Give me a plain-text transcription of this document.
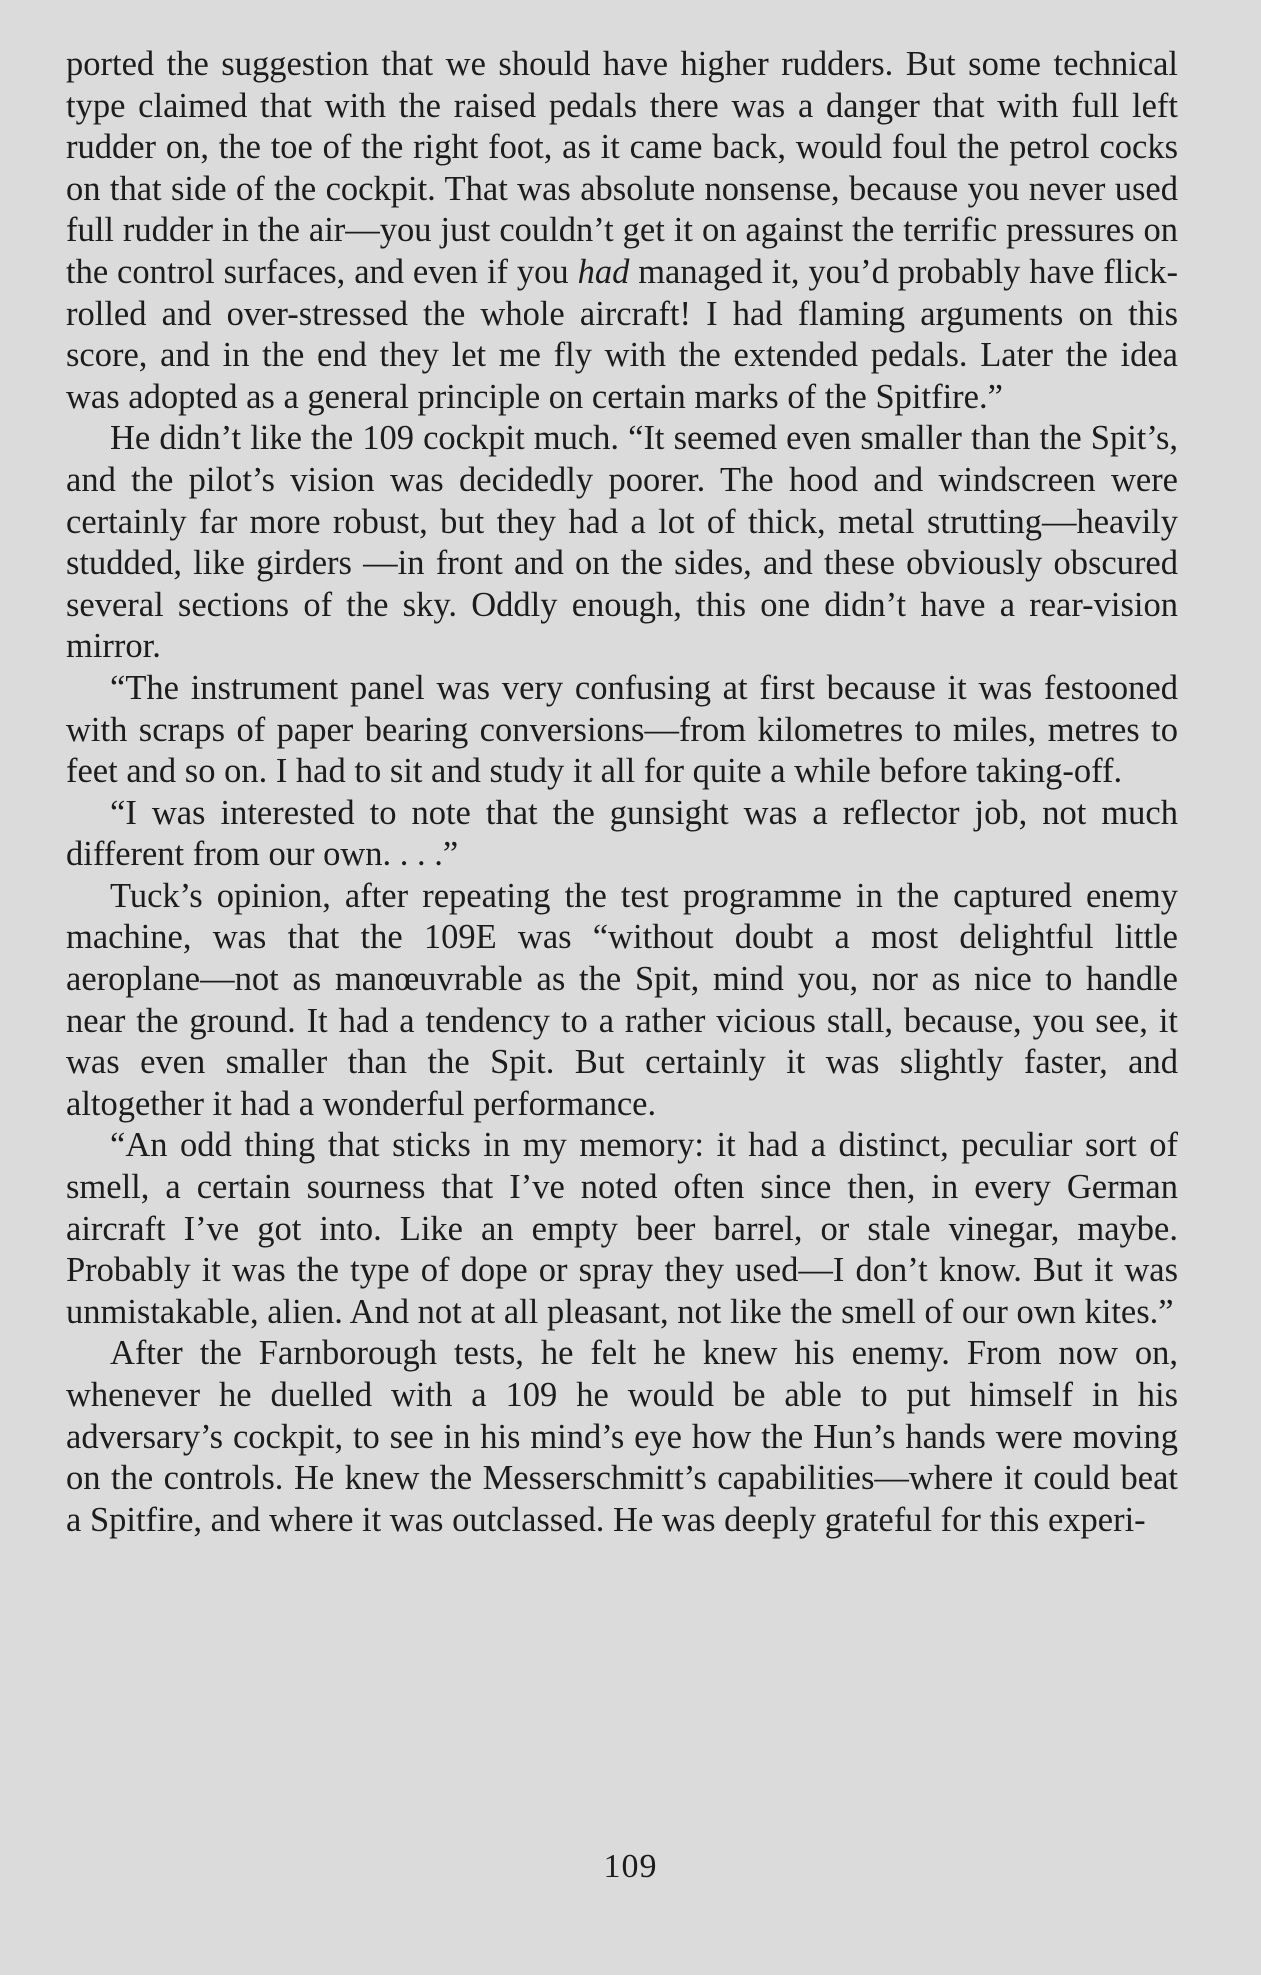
ported the suggestion that we should have higher rudders. But some technical type claimed that with the raised pedals there was a danger that with full left rudder on, the toe of the right foot, as it came back, would foul the petrol cocks on that side of the cockpit. That was absolute nonsense, because you never used full rudder in the air—you just couldn’t get it on against the terrific pressures on the control surfaces, and even if you had managed it, you’d probably have flick-rolled and over-stressed the whole aircraft! I had flaming arguments on this score, and in the end they let me fly with the extended pedals. Later the idea was adopted as a general principle on certain marks of the Spitfire.”

He didn’t like the 109 cockpit much. “It seemed even smaller than the Spit’s, and the pilot’s vision was decidedly poorer. The hood and windscreen were certainly far more robust, but they had a lot of thick, metal strutting—heavily studded, like girders —in front and on the sides, and these obviously obscured several sections of the sky. Oddly enough, this one didn’t have a rear-vision mirror.

“The instrument panel was very confusing at first because it was festooned with scraps of paper bearing conversions—from kilometres to miles, metres to feet and so on. I had to sit and study it all for quite a while before taking-off.

“I was interested to note that the gunsight was a reflector job, not much different from our own. . . .”

Tuck’s opinion, after repeating the test programme in the captured enemy machine, was that the 109E was “without doubt a most delightful little aeroplane—not as manœuvrable as the Spit, mind you, nor as nice to handle near the ground. It had a tendency to a rather vicious stall, because, you see, it was even smaller than the Spit. But certainly it was slightly faster, and altogether it had a wonderful performance.

“An odd thing that sticks in my memory: it had a distinct, peculiar sort of smell, a certain sourness that I’ve noted often since then, in every German aircraft I’ve got into. Like an empty beer barrel, or stale vinegar, maybe. Probably it was the type of dope or spray they used—I don’t know. But it was unmistakable, alien. And not at all pleasant, not like the smell of our own kites.”

After the Farnborough tests, he felt he knew his enemy. From now on, whenever he duelled with a 109 he would be able to put himself in his adversary’s cockpit, to see in his mind’s eye how the Hun’s hands were moving on the controls. He knew the Messerschmitt’s capabilities—where it could beat a Spitfire, and where it was outclassed. He was deeply grateful for this experi-

109
